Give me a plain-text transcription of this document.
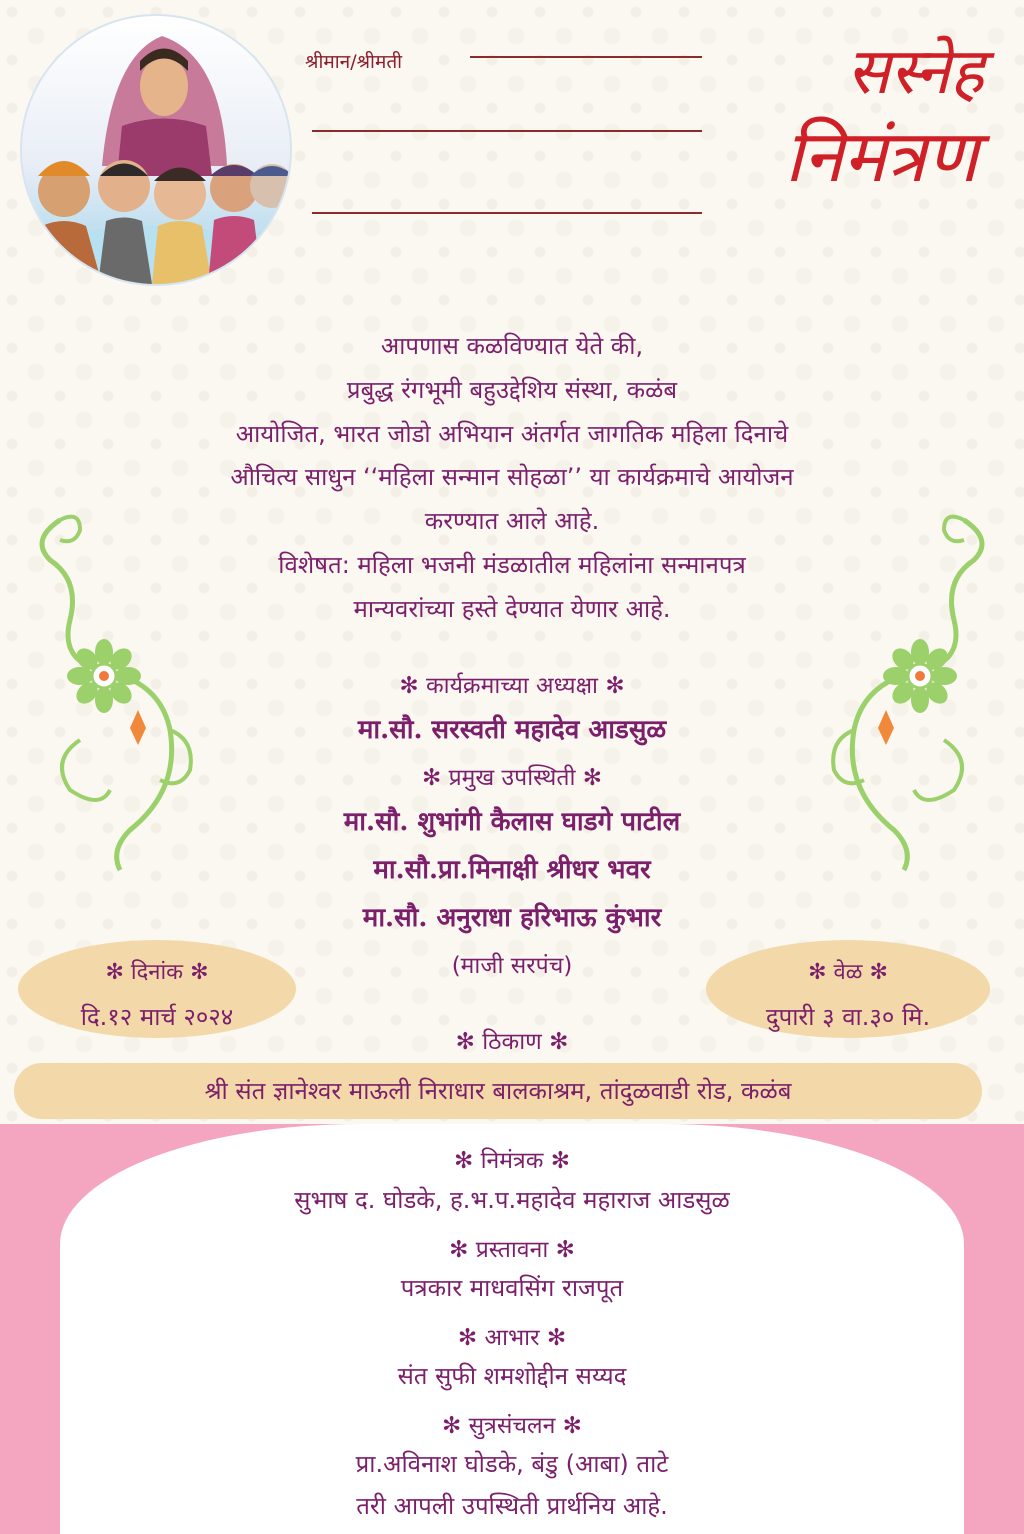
श्रीमान/श्रीमती	सस्नेह
निमंत्रण
आपणास कळविण्यात येते की,
प्रबुद्ध रंगभूमी बहुउद्देशिय संस्था, कळंब
आयोजित, भारत जोडो अभियान अंतर्गत जागतिक महिला दिनाचे
औचित्य साधुन ‘‘महिला सन्मान सोहळा’’ या कार्यक्रमाचे आयोजन
करण्यात आले आहे.
विशेषत: महिला भजनी मंडळातील महिलांना सन्मानपत्र
मान्यवरांच्या हस्ते देण्यात येणार आहे.
✻ कार्यक्रमाच्या अध्यक्षा ✻
मा.सौ. सरस्वती महादेव आडसुळ
✻ प्रमुख उपस्थिती ✻
मा.सौ. शुभांगी कैलास घाडगे पाटील
मा.सौ.प्रा.मिनाक्षी श्रीधर भवर
मा.सौ. अनुराधा हरिभाऊ कुंभार
(माजी सरपंच)
✻ दिनांक ✻
दि.१२ मार्च २०२४
✻ वेळ ✻
दुपारी ३ वा.३० मि.
✻ ठिकाण ✻
श्री संत ज्ञानेश्वर माऊली निराधार बालकाश्रम, तांदुळवाडी रोड, कळंब
✻ निमंत्रक ✻
सुभाष द. घोडके, ह.भ.प.महादेव महाराज आडसुळ
✻ प्रस्तावना ✻
पत्रकार माधवसिंग राजपूत
✻ आभार ✻
संत सुफी शमशोद्दीन सय्यद
✻ सुत्रसंचलन ✻
प्रा.अविनाश घोडके, बंडु (आबा) ताटे
तरी आपली उपस्थिती प्रार्थनिय आहे.
